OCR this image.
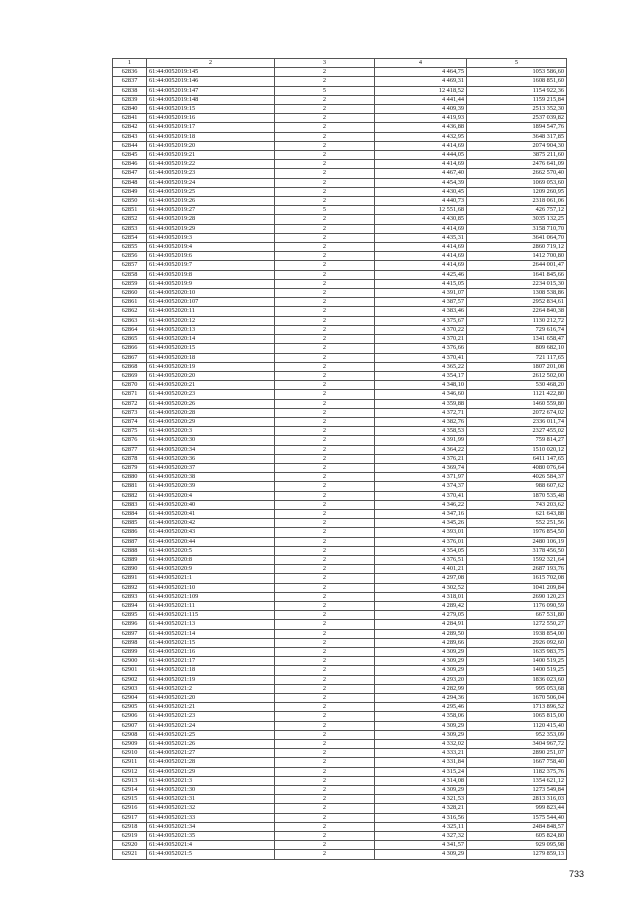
1	2	3	4	5
62836	61:44:0052019:145	2	4 464,75	1053 586,60
62837	61:44:0052019:146	2	4 469,31	1608 851,60
62838	61:44:0052019:147	5	12 418,52	1154 922,36
62839	61:44:0052019:148	2	4 441,44	1159 215,84
62840	61:44:0052019:15	2	4 409,39	2513 352,30
62841	61:44:0052019:16	2	4 419,93	2537 039,82
62842	61:44:0052019:17	2	4 436,88	1894 547,76
62843	61:44:0052019:18	2	4 432,95	3648 317,85
62844	61:44:0052019:20	2	4 414,69	2074 904,30
62845	61:44:0052019:21	2	4 444,05	3875 211,60
62846	61:44:0052019:22	2	4 414,69	2476 641,09
62847	61:44:0052019:23	2	4 467,40	2662 570,40
62848	61:44:0052019:24	2	4 454,39	1069 053,60
62849	61:44:0052019:25	2	4 430,45	1209 260,95
62850	61:44:0052019:26	2	4 440,73	2318 061,06
62851	61:44:0052019:27	5	12 551,68	426 757,12
62852	61:44:0052019:28	2	4 430,85	3035 132,25
62853	61:44:0052019:29	2	4 414,69	3158 710,70
62854	61:44:0052019:3	2	4 435,31	3641 064,70
62855	61:44:0052019:4	2	4 414,69	2860 719,12
62856	61:44:0052019:6	2	4 414,69	1412 700,80
62857	61:44:0052019:7	2	4 414,69	2644 001,47
62858	61:44:0052019:8	2	4 425,46	1641 845,66
62859	61:44:0052019:9	2	4 415,05	2234 015,30
62860	61:44:0052020:10	2	4 391,07	1308 538,86
62861	61:44:0052020:107	2	4 387,57	2952 834,61
62862	61:44:0052020:11	2	4 383,46	2264 840,38
62863	61:44:0052020:12	2	4 375,67	1130 212,72
62864	61:44:0052020:13	2	4 370,22	729 616,74
62865	61:44:0052020:14	2	4 370,21	1341 658,47
62866	61:44:0052020:15	2	4 376,66	809 682,10
62867	61:44:0052020:18	2	4 370,41	721 117,65
62868	61:44:0052020:19	2	4 365,22	1807 201,08
62869	61:44:0052020:20	2	4 354,17	2612 502,00
62870	61:44:0052020:21	2	4 348,10	530 468,20
62871	61:44:0052020:23	2	4 346,60	1121 422,80
62872	61:44:0052020:26	2	4 359,88	1460 559,80
62873	61:44:0052020:28	2	4 372,71	2072 674,02
62874	61:44:0052020:29	2	4 382,76	2336 011,74
62875	61:44:0052020:3	2	4 358,53	2327 455,02
62876	61:44:0052020:30	2	4 391,99	759 814,27
62877	61:44:0052020:34	2	4 364,22	1510 020,12
62878	61:44:0052020:36	2	4 376,21	6411 147,65
62879	61:44:0052020:37	2	4 369,74	4080 076,64
62880	61:44:0052020:38	2	4 371,97	4026 584,37
62881	61:44:0052020:39	2	4 374,37	988 607,62
62882	61:44:0052020:4	2	4 370,41	1870 535,48
62883	61:44:0052020:40	2	4 346,22	743 203,62
62884	61:44:0052020:41	2	4 347,16	621 643,88
62885	61:44:0052020:42	2	4 345,26	552 251,56
62886	61:44:0052020:43	2	4 393,01	1976 854,50
62887	61:44:0052020:44	2	4 376,01	2480 106,19
62888	61:44:0052020:5	2	4 354,05	3178 456,50
62889	61:44:0052020:8	2	4 376,51	1592 321,64
62890	61:44:0052020:9	2	4 401,21	2687 193,76
62891	61:44:0052021:1	2	4 297,08	1615 702,08
62892	61:44:0052021:10	2	4 302,52	1041 209,84
62893	61:44:0052021:109	2	4 318,01	2690 120,23
62894	61:44:0052021:11	2	4 289,42	1176 090,59
62895	61:44:0052021:115	2	4 279,05	667 531,80
62896	61:44:0052021:13	2	4 284,91	1272 550,27
62897	61:44:0052021:14	2	4 289,50	1938 854,00
62898	61:44:0052021:15	2	4 289,66	2926 092,60
62899	61:44:0052021:16	2	4 309,29	1635 983,75
62900	61:44:0052021:17	2	4 309,29	1400 519,25
62901	61:44:0052021:18	2	4 309,29	1400 519,25
62902	61:44:0052021:19	2	4 293,20	1836 023,60
62903	61:44:0052021:2	2	4 282,99	995 053,68
62904	61:44:0052021:20	2	4 294,36	1670 506,04
62905	61:44:0052021:21	2	4 295,46	1713 896,52
62906	61:44:0052021:23	2	4 358,06	1065 815,00
62907	61:44:0052021:24	2	4 309,29	1120 415,40
62908	61:44:0052021:25	2	4 309,29	952 353,09
62909	61:44:0052021:26	2	4 332,02	3404 967,72
62910	61:44:0052021:27	2	4 333,21	2890 251,07
62911	61:44:0052021:28	2	4 331,84	1667 758,40
62912	61:44:0052021:29	2	4 315,24	1182 375,76
62913	61:44:0052021:3	2	4 314,08	1354 621,12
62914	61:44:0052021:30	2	4 309,29	1273 549,84
62915	61:44:0052021:31	2	4 321,53	2813 316,03
62916	61:44:0052021:32	2	4 328,21	999 823,44
62917	61:44:0052021:33	2	4 316,56	1575 544,40
62918	61:44:0052021:34	2	4 325,11	2484 848,57
62919	61:44:0052021:35	2	4 327,32	605 824,80
62920	61:44:0052021:4	2	4 341,57	929 095,98
62921	61:44:0052021:5	2	4 309,29	1279 859,13
733
